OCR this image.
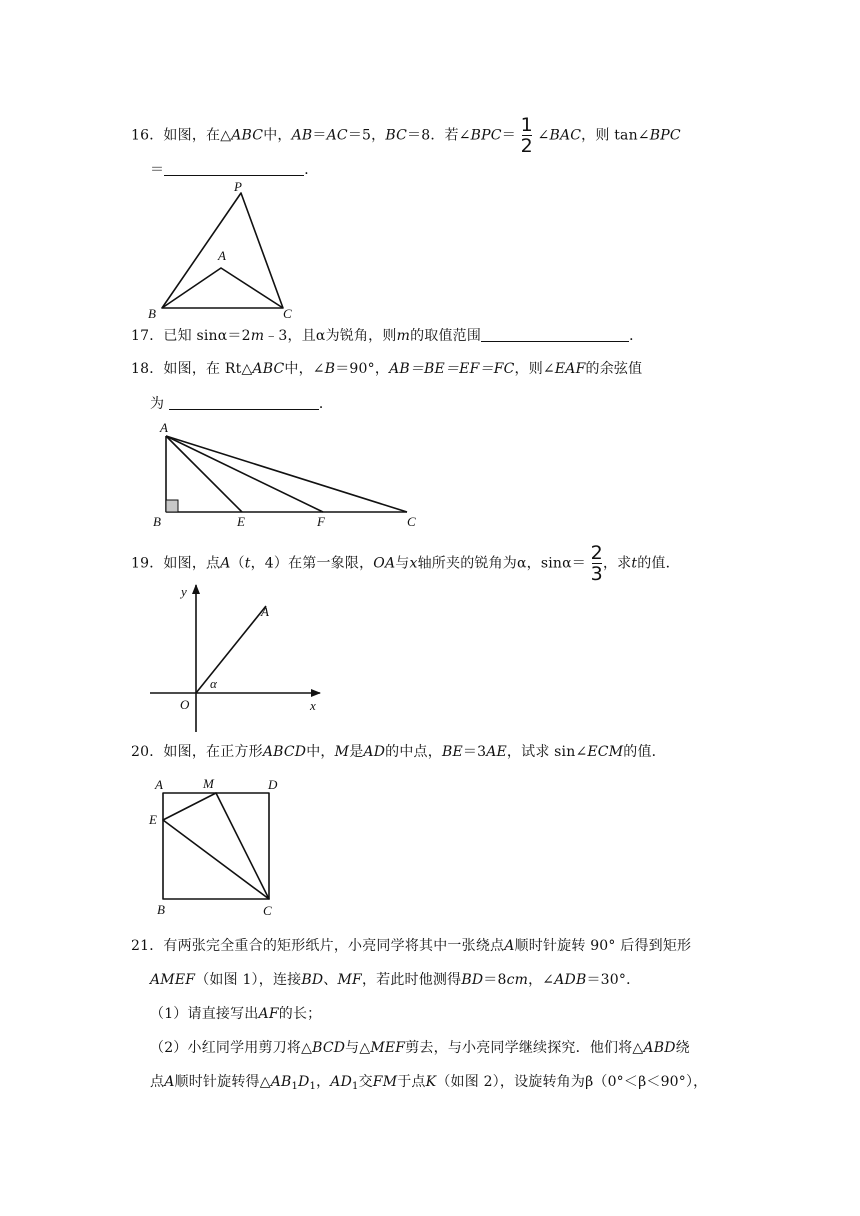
16．如图，在△ABC中，AB＝AC＝5，BC＝8．若∠BPC＝ $\frac{1}{2}$ ∠BAC，则 tan∠BPC
＝	．
P
A
B	C
17．已知 sinα＝2m﹣3，且α为锐角，则m的取值范围	．
18．如图，在 Rt△ABC中，∠B＝90°，AB＝BE＝EF＝FC，则∠EAF的余弦值
为	．
A
B	E	F	C
19．如图，点A（t，4）在第一象限，OA与x轴所夹的锐角为α，$\sin\alpha= \frac{2}{3}$ ，求t的值．
y
A
α
O	x
20．如图，在正方形ABCD中，M是AD的中点，BE＝3AE，试求 sin∠ECM的值．
A	M	D
E
B	C
21．有两张完全重合的矩形纸片，小亮同学将其中一张绕点A顺时针旋转 90° 后得到矩形
AMEF（如图 1），连接BD、MF，若此时他测得BD＝8cm，∠ADB＝30°．
（1）请直接写出AF的长；
（2）小红同学用剪刀将△BCD与△MEF剪去，与小亮同学继续探究．他们将△ABD绕
点A顺时针旋转得$\triangle AB_1D_1$，$AD_1$交FM于点K（如图 2），设旋转角为β（0°＜β＜90°），
